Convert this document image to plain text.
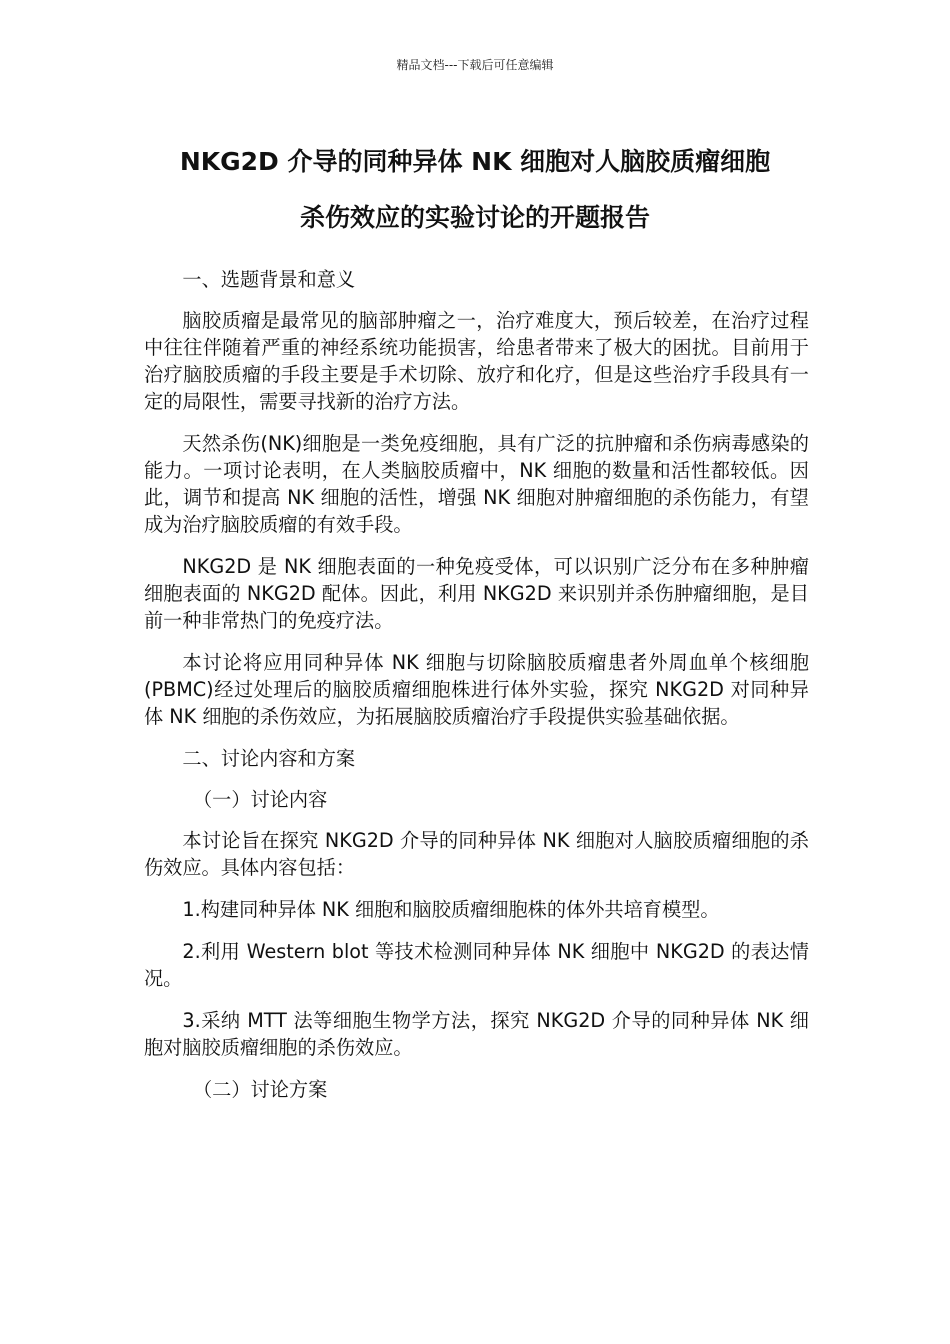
精品文档---下载后可任意编辑
NKG2D 介导的同种异体 NK 细胞对人脑胶质瘤细胞
杀伤效应的实验讨论的开题报告

一、选题背景和意义

脑胶质瘤是最常见的脑部肿瘤之一，治疗难度大，预后较差，在治疗过程中往往伴随着严重的神经系统功能损害，给患者带来了极大的困扰。目前用于治疗脑胶质瘤的手段主要是手术切除、放疗和化疗，但是这些治疗手段具有一定的局限性，需要寻找新的治疗方法。

天然杀伤(NK)细胞是一类免疫细胞，具有广泛的抗肿瘤和杀伤病毒感染的能力。一项讨论表明，在人类脑胶质瘤中，NK 细胞的数量和活性都较低。因此，调节和提高 NK 细胞的活性，增强 NK 细胞对肿瘤细胞的杀伤能力，有望成为治疗脑胶质瘤的有效手段。

NKG2D 是 NK 细胞表面的一种免疫受体，可以识别广泛分布在多种肿瘤细胞表面的 NKG2D 配体。因此，利用 NKG2D 来识别并杀伤肿瘤细胞，是目前一种非常热门的免疫疗法。

本讨论将应用同种异体 NK 细胞与切除脑胶质瘤患者外周血单个核细胞(PBMC)经过处理后的脑胶质瘤细胞株进行体外实验，探究 NKG2D 对同种异体 NK 细胞的杀伤效应，为拓展脑胶质瘤治疗手段提供实验基础依据。

二、讨论内容和方案

（一）讨论内容

本讨论旨在探究 NKG2D 介导的同种异体 NK 细胞对人脑胶质瘤细胞的杀伤效应。具体内容包括：

1.构建同种异体 NK 细胞和脑胶质瘤细胞株的体外共培育模型。

2.利用 Western blot 等技术检测同种异体 NK 细胞中 NKG2D 的表达情况。

3.采纳 MTT 法等细胞生物学方法，探究 NKG2D 介导的同种异体 NK 细胞对脑胶质瘤细胞的杀伤效应。

（二）讨论方案
